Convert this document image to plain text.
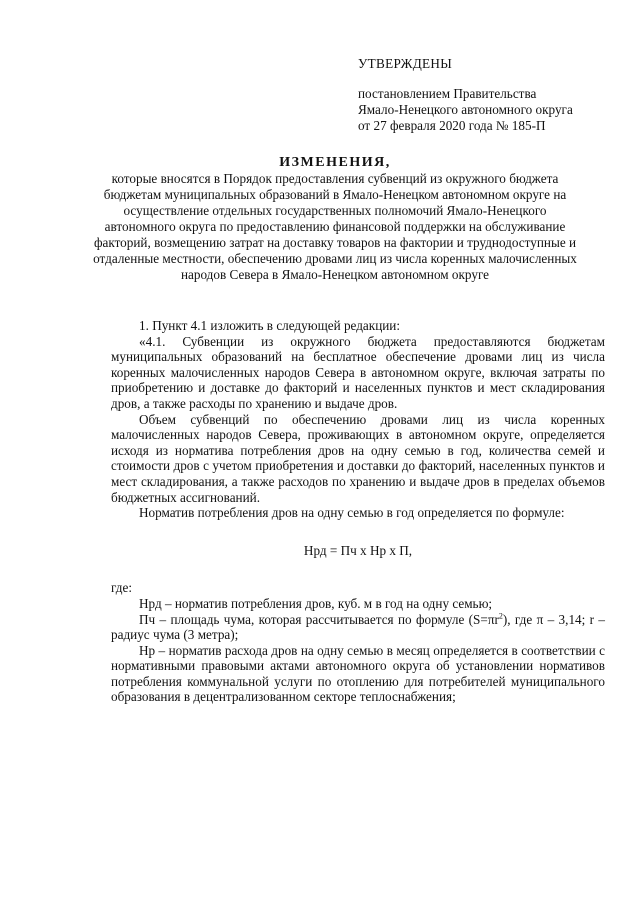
УТВЕРЖДЕНЫ
постановлением Правительства
Ямало-Ненецкого автономного округа
от 27 февраля 2020 года № 185-П
ИЗМЕНЕНИЯ,
которые вносятся в Порядок предоставления субвенций из окружного бюджета бюджетам муниципальных образований в Ямало-Ненецком автономном округе на осуществление отдельных государственных полномочий Ямало-Ненецкого автономного округа по предоставлению финансовой поддержки на обслуживание факторий, возмещению затрат на доставку товаров на фактории и труднодоступные и отдаленные местности, обеспечению дровами лиц из числа коренных малочисленных народов Севера в Ямало-Ненецком автономном округе

1. Пункт 4.1 изложить в следующей редакции:

«4.1. Субвенции из окружного бюджета предоставляются бюджетам муниципальных образований на бесплатное обеспечение дровами лиц из числа коренных малочисленных народов Севера в автономном округе, включая затраты по приобретению и доставке до факторий и населенных пунктов и мест складирования дров, а также расходы по хранению и выдаче дров.

Объем субвенций по обеспечению дровами лиц из числа коренных малочисленных народов Севера, проживающих в автономном округе, определяется исходя из норматива потребления дров на одну семью в год, количества семей и стоимости дров с учетом приобретения и доставки до факторий, населенных пунктов и мест складирования, а также расходов по хранению и выдаче дров в пределах объемов бюджетных ассигнований.

Норматив потребления дров на одну семью в год определяется по формуле:

Нрд = Пч х Нр х П,

где:

Нрд – норматив потребления дров, куб. м в год на одну семью;

Пч – площадь чума, которая рассчитывается по формуле $(S=\pi r^2)$, где π – 3,14; r – радиус чума (3 метра);

Нр – норматив расхода дров на одну семью в месяц определяется в соответствии с нормативными правовыми актами автономного округа об установлении нормативов потребления коммунальной услуги по отоплению для потребителей муниципального образования в децентрализованном секторе теплоснабжения;
